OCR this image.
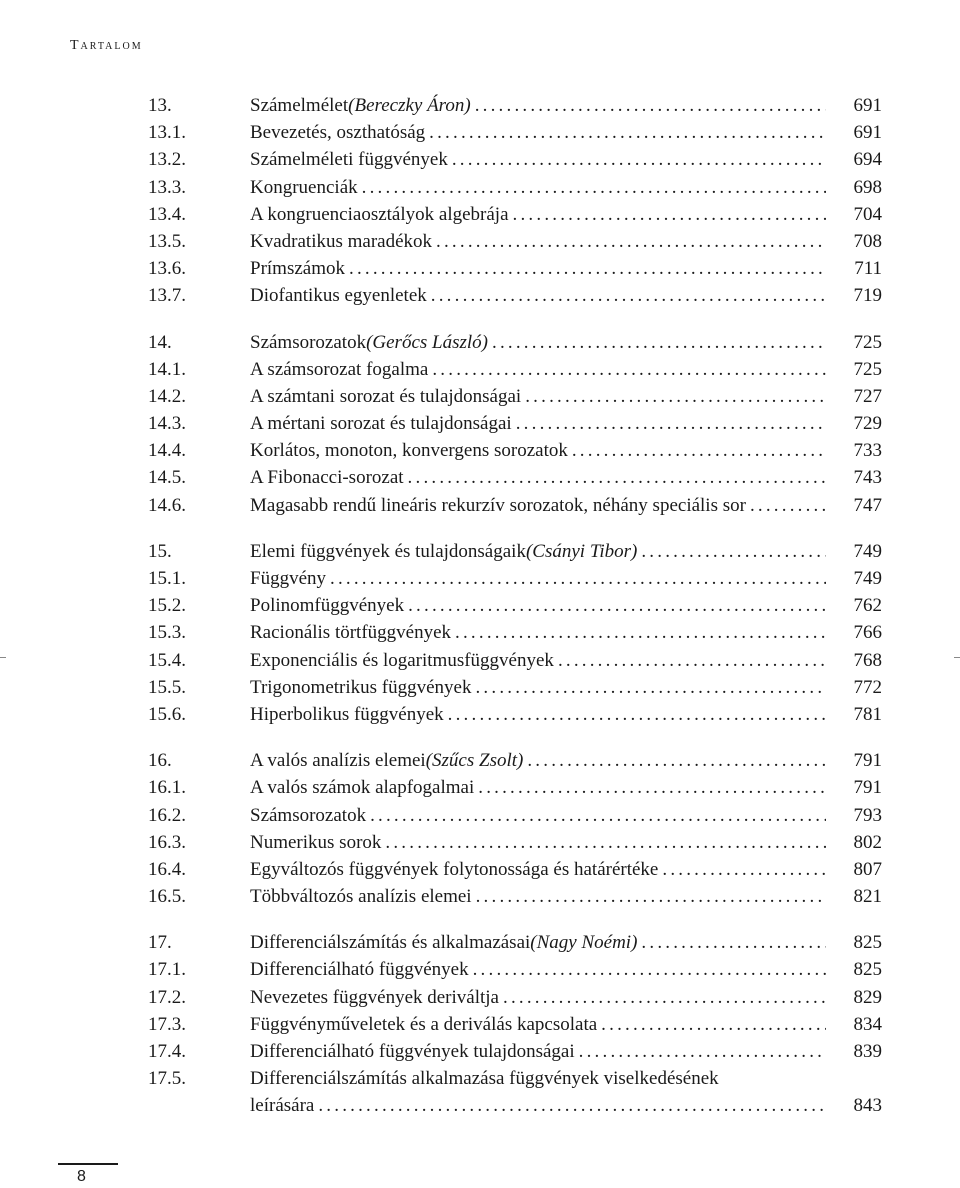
Tartalom
13.	Számelmélet ( Bereczky Áron ) .....	691
13.1.	Bevezetés, oszthatóság .....	691
13.2.	Számelméleti függvények .....	694
13.3.	Kongruenciák .....	698
13.4.	A kongruenciaosztályok algebrája .....	704
13.5.	Kvadratikus maradékok .....	708
13.6.	Prímszámok .....	711
13.7.	Diofantikus egyenletek .....	719
14.	Számsorozatok ( Gerőcs László ) .....	725
14.1.	A számsorozat fogalma .....	725
14.2.	A számtani sorozat és tulajdonságai .....	727
14.3.	A mértani sorozat és tulajdonságai .....	729
14.4.	Korlátos, monoton, konvergens sorozatok .....	733
14.5.	A Fibonacci-sorozat .....	743
14.6.	Magasabb rendű lineáris rekurzív sorozatok, néhány speciális sor .....	747
15.	Elemi függvények és tulajdonságaik ( Csányi Tibor ) .....	749
15.1.	Függvény .....	749
15.2.	Polinomfüggvények .....	762
15.3.	Racionális törtfüggvények .....	766
15.4.	Exponenciális és logaritmusfüggvények .....	768
15.5.	Trigonometrikus függvények .....	772
15.6.	Hiperbolikus függvények .....	781
16.	A valós analízis elemei ( Szűcs Zsolt ) .....	791
16.1.	A valós számok alapfogalmai .....	791
16.2.	Számsorozatok .....	793
16.3.	Numerikus sorok .....	802
16.4.	Egyváltozós függvények folytonossága és határértéke .....	807
16.5.	Többváltozós analízis elemei .....	821
17.	Differenciálszámítás és alkalmazásai ( Nagy Noémi ) .....	825
17.1.	Differenciálható függvények .....	825
17.2.	Nevezetes függvények deriváltja .....	829
17.3.	Függvényműveletek és a deriválás kapcsolata .....	834
17.4.	Differenciálható függvények tulajdonságai .....	839
17.5.	Differenciálszámítás alkalmazása függvények viselkedésének
leírására .....	843
8
